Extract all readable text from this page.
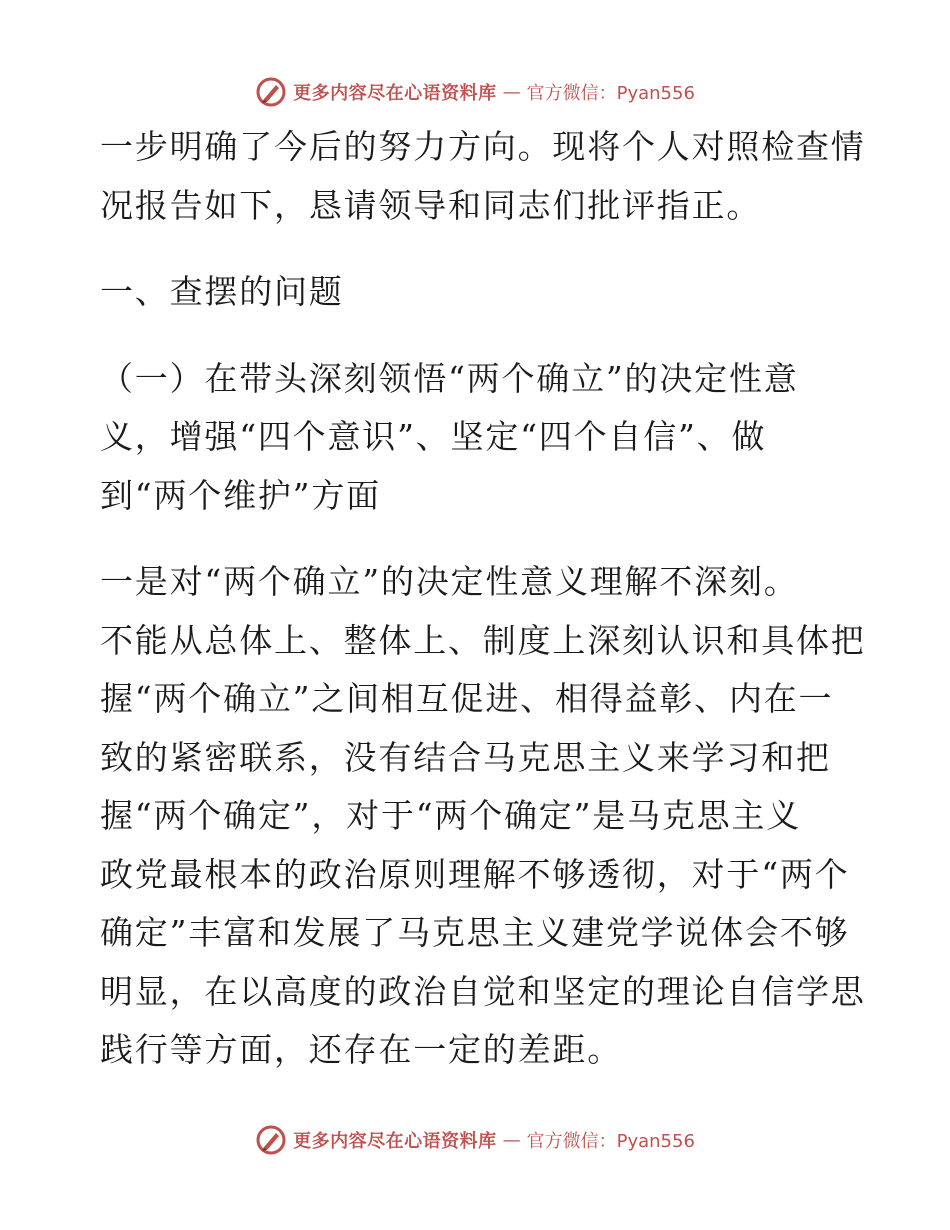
更多内容尽在心语资料库 — 官方微信：Pyan556
一步明确了今后的努力方向。现将个人对照检查情
况报告如下，恳请领导和同志们批评指正。
一、查摆的问题
（一）在带头深刻领悟“两个确立”的决定性意
义，增强“四个意识”、坚定“四个自信”、做
到“两个维护”方面
一是对“两个确立”的决定性意义理解不深刻。
不能从总体上、整体上、制度上深刻认识和具体把
握“两个确立”之间相互促进、相得益彰、内在一
致的紧密联系，没有结合马克思主义来学习和把
握“两个确定”，对于“两个确定”是马克思主义
政党最根本的政治原则理解不够透彻，对于“两个
确定”丰富和发展了马克思主义建党学说体会不够
明显，在以高度的政治自觉和坚定的理论自信学思
践行等方面，还存在一定的差距。
更多内容尽在心语资料库 — 官方微信：Pyan556
